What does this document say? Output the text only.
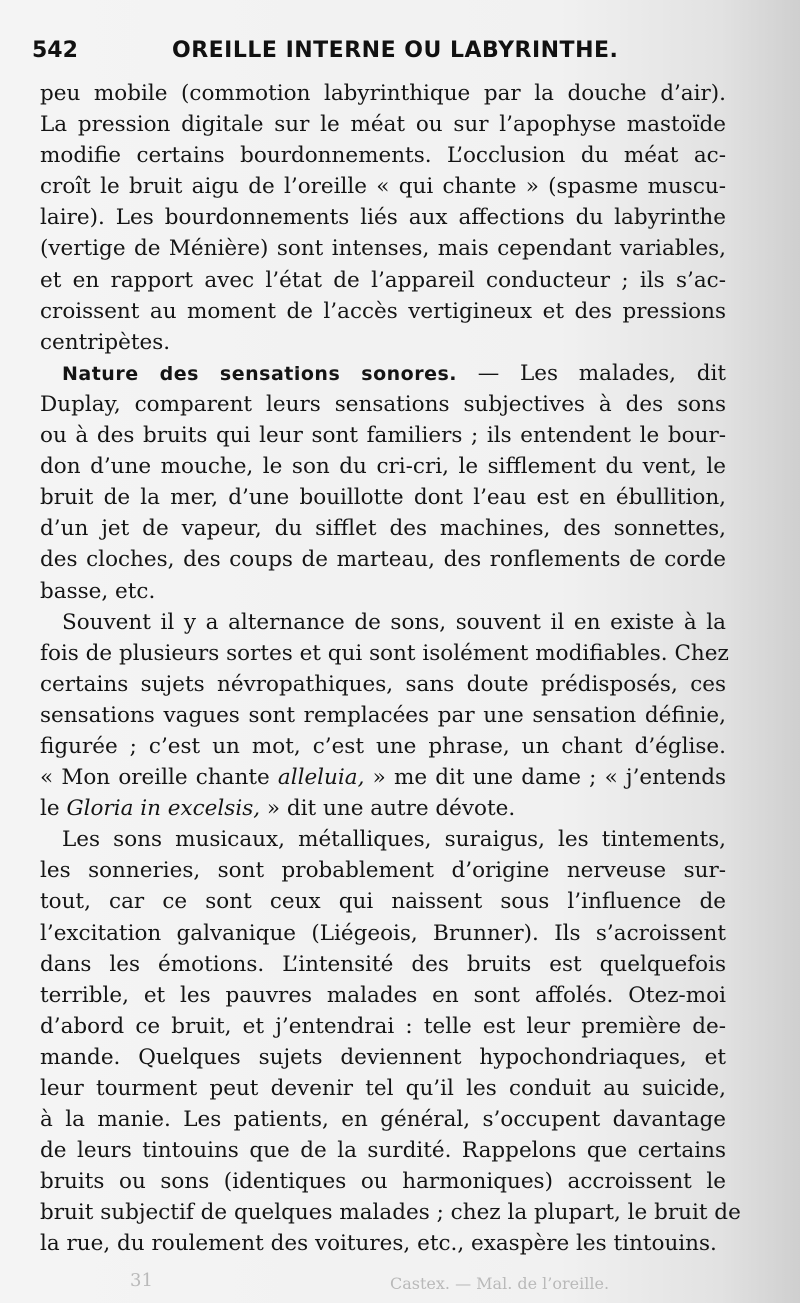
542	OREILLE INTERNE OU LABYRINTHE.
peu mobile (commotion labyrinthique par la douche d’air).
La pression digitale sur le méat ou sur l’apophyse mastoïde
modifie certains bourdonnements. L’occlusion du méat ac-
croît le bruit aigu de l’oreille « qui chante » (spasme muscu-
laire). Les bourdonnements liés aux affections du labyrinthe
(vertige de Ménière) sont intenses, mais cependant variables,
et en rapport avec l’état de l’appareil conducteur ; ils s’ac-
croissent au moment de l’accès vertigineux et des pressions
centripètes.
Nature des sensations sonores. — Les malades, dit
Duplay, comparent leurs sensations subjectives à des sons
ou à des bruits qui leur sont familiers ; ils entendent le bour-
don d’une mouche, le son du cri-cri, le sifflement du vent, le
bruit de la mer, d’une bouillotte dont l’eau est en ébullition,
d’un jet de vapeur, du sifflet des machines, des sonnettes,
des cloches, des coups de marteau, des ronflements de corde
basse, etc.
Souvent il y a alternance de sons, souvent il en existe à la
fois de plusieurs sortes et qui sont isolément modifiables. Chez
certains sujets névropathiques, sans doute prédisposés, ces
sensations vagues sont remplacées par une sensation définie,
figurée ; c’est un mot, c’est une phrase, un chant d’église.
« Mon oreille chante alleluia, » me dit une dame ; « j’entends
le Gloria in excelsis, » dit une autre dévote.
Les sons musicaux, métalliques, suraigus, les tintements,
les sonneries, sont probablement d’origine nerveuse sur-
tout, car ce sont ceux qui naissent sous l’influence de
l’excitation galvanique (Liégeois, Brunner). Ils s’acroissent
dans les émotions. L’intensité des bruits est quelquefois
terrible, et les pauvres malades en sont affolés. Otez-moi
d’abord ce bruit, et j’entendrai : telle est leur première de-
mande. Quelques sujets deviennent hypochondriaques, et
leur tourment peut devenir tel qu’il les conduit au suicide,
à la manie. Les patients, en général, s’occupent davantage
de leurs tintouins que de la surdité. Rappelons que certains
bruits ou sons (identiques ou harmoniques) accroissent le
bruit subjectif de quelques malades ; chez la plupart, le bruit de
la rue, du roulement des voitures, etc., exaspère les tintouins.
31	Castex. — Mal. de l’oreille.
